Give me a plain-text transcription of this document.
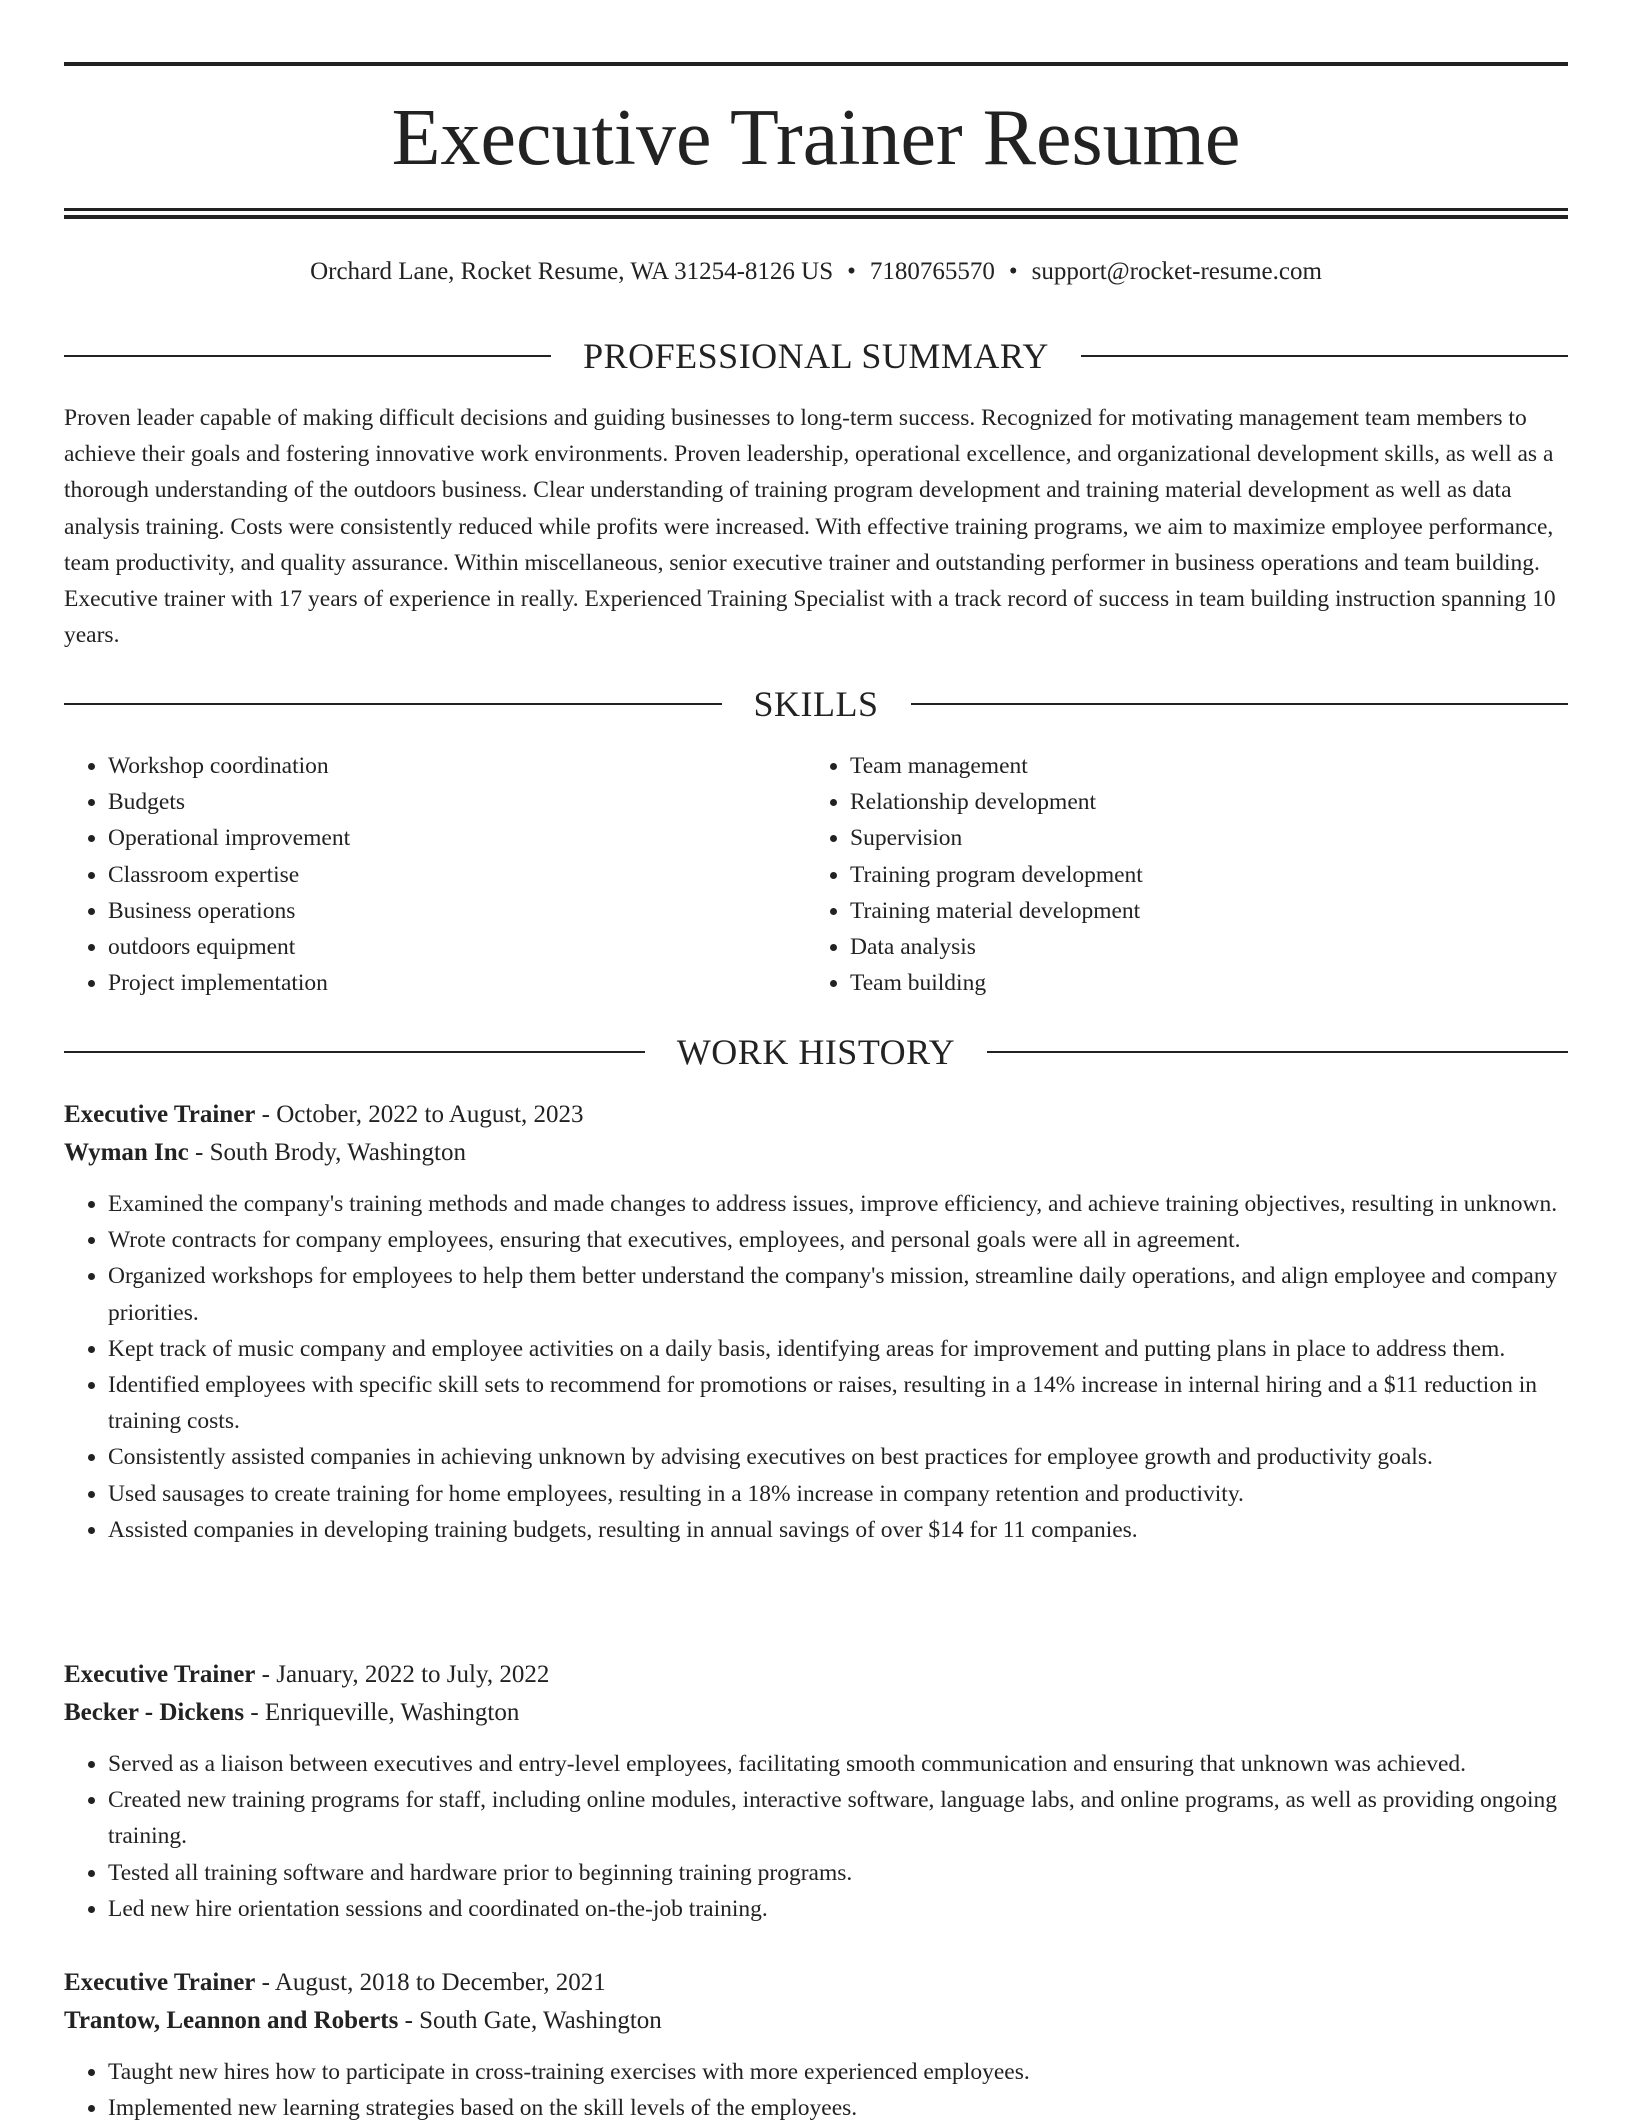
Executive Trainer Resume
Orchard Lane, Rocket Resume, WA 31254-8126 US • 7180765570 • support@rocket-resume.com
PROFESSIONAL SUMMARY

Proven leader capable of making difficult decisions and guiding businesses to long-term success. Recognized for motivating management team members to achieve their goals and fostering innovative work environments. Proven leadership, operational excellence, and organizational development skills, as well as a thorough understanding of the outdoors business. Clear understanding of training program development and training material development as well as data analysis training. Costs were consistently reduced while profits were increased. With effective training programs, we aim to maximize employee performance, team productivity, and quality assurance. Within miscellaneous, senior executive trainer and outstanding performer in business operations and team building. Executive trainer with 17 years of experience in really. Experienced Training Specialist with a track record of success in team building instruction spanning 10 years.

SKILLS
• Workshop coordination
• Budgets
• Operational improvement
• Classroom expertise
• Business operations
• outdoors equipment
• Project implementation
• Team management
• Relationship development
• Supervision
• Training program development
• Training material development
• Data analysis
• Team building
WORK HISTORY
Executive Trainer - October, 2022 to August, 2023
Wyman Inc - South Brody, Washington
• Examined the company's training methods and made changes to address issues, improve efficiency, and achieve training objectives, resulting in unknown.
• Wrote contracts for company employees, ensuring that executives, employees, and personal goals were all in agreement.
• Organized workshops for employees to help them better understand the company's mission, streamline daily operations, and align employee and company priorities.
• Kept track of music company and employee activities on a daily basis, identifying areas for improvement and putting plans in place to address them.
• Identified employees with specific skill sets to recommend for promotions or raises, resulting in a 14% increase in internal hiring and a $11 reduction in training costs.
• Consistently assisted companies in achieving unknown by advising executives on best practices for employee growth and productivity goals.
• Used sausages to create training for home employees, resulting in a 18% increase in company retention and productivity.
• Assisted companies in developing training budgets, resulting in annual savings of over $14 for 11 companies.
Executive Trainer - January, 2022 to July, 2022
Becker - Dickens - Enriqueville, Washington
• Served as a liaison between executives and entry-level employees, facilitating smooth communication and ensuring that unknown was achieved.
• Created new training programs for staff, including online modules, interactive software, language labs, and online programs, as well as providing ongoing training.
• Tested all training software and hardware prior to beginning training programs.
• Led new hire orientation sessions and coordinated on-the-job training.
Executive Trainer - August, 2018 to December, 2021
Trantow, Leannon and Roberts - South Gate, Washington
• Taught new hires how to participate in cross-training exercises with more experienced employees.
• Implemented new learning strategies based on the skill levels of the employees.
